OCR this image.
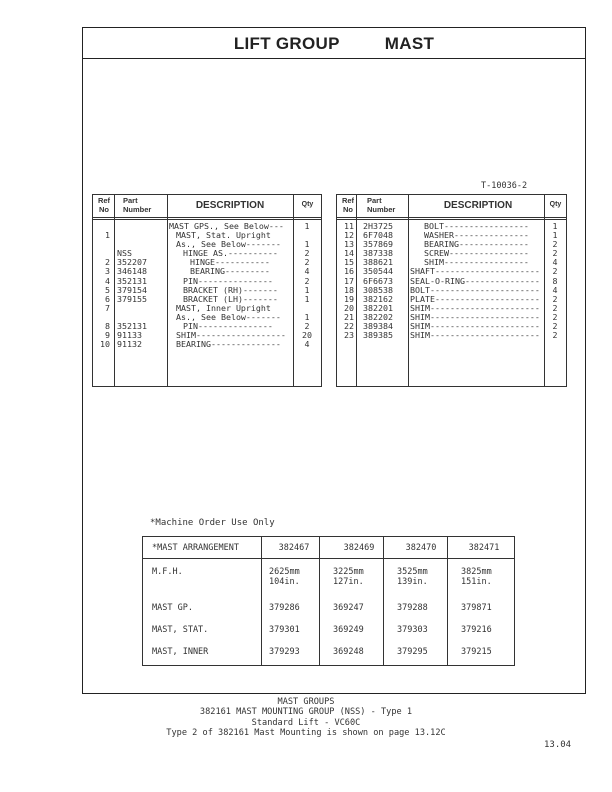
LIFT GROUP	MAST
T-10036-2
Ref No
Part Number	DESCRIPTION	Qty
MAST GPS., See Below---	1
1	MAST, Stat. Upright
As., See Below-------	1
NSS	HINGE AS.----------	2
2 352207	HINGE-----------	2
3 346148	BEARING---------	4
4 352131	PIN---------------	2
5 379154	BRACKET (RH)-------	1
6 379155	BRACKET (LH)-------	1
7	MAST, Inner Upright
As., See Below-------	1
8 352131	PIN---------------	2
9 91133	SHIM------------------	20
10 91132	BEARING--------------	4
Ref No
Part Number	DESCRIPTION	Qty
11 2H3725	BOLT-----------------	1
12 6F7048	WASHER---------------	1
13 357869	BEARING--------------	2
14 387338	SCREW----------------	2
15 388621	SHIM-----------------	4
16 350544 SHAFT---------------------	2
17 6F6673 SEAL-O-RING---------------	8
18 308538 BOLT----------------------	4
19 382162 PLATE---------------------	2
20 382201 SHIM----------------------	2
21 382202 SHIM----------------------	2
22 389384 SHIM----------------------	2
23 389385 SHIM----------------------	2
*Machine Order Use Only
*MAST ARRANGEMENT	382467	382469	382470	382471
M.F.H.	2625mm	3225mm	3525mm	3825mm
104in.	127in.	139in.	151in.
MAST GP.	379286	369247	379288	379871
MAST, STAT.	379301	369249	379303	379216
MAST, INNER	379293	369248	379295	379215
MAST GROUPS
382161 MAST MOUNTING GROUP (NSS) - Type 1
Standard Lift - VC60C
Type 2 of 382161 Mast Mounting is shown on page 13.12C
13.04
